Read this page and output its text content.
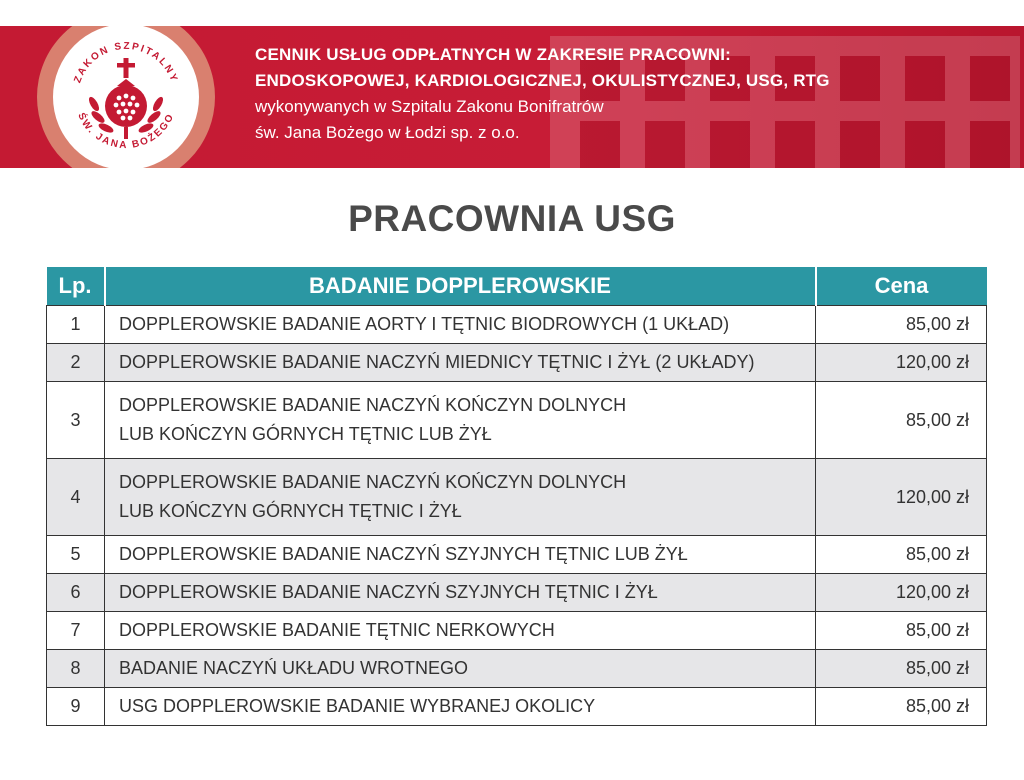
ZAKON SZPITALNY
ŚW. JANA BOŻEGO
CENNIK USŁUG ODPŁATNYCH W ZAKRESIE PRACOWNI:
ENDOSKOPOWEJ, KARDIOLOGICZNEJ, OKULISTYCZNEJ, USG, RTG
wykonywanych w Szpitalu Zakonu Bonifratrów
św. Jana Bożego w Łodzi sp. z o.o.
PRACOWNIA USG
Lp.	BADANIE DOPPLEROWSKIE	Cena
1	DOPPLEROWSKIE BADANIE AORTY I TĘTNIC BIODROWYCH (1 UKŁAD)	85,00 zł
2	DOPPLEROWSKIE BADANIE NACZYŃ MIEDNICY TĘTNIC I ŻYŁ (2 UKŁADY)	120,00 zł
3	DOPPLEROWSKIE BADANIE NACZYŃ KOŃCZYN DOLNYCH
LUB KOŃCZYN GÓRNYCH TĘTNIC LUB ŻYŁ	85,00 zł
4	DOPPLEROWSKIE BADANIE NACZYŃ KOŃCZYN DOLNYCH
LUB KOŃCZYN GÓRNYCH TĘTNIC I ŻYŁ	120,00 zł
5	DOPPLEROWSKIE BADANIE NACZYŃ SZYJNYCH TĘTNIC LUB ŻYŁ	85,00 zł
6	DOPPLEROWSKIE BADANIE NACZYŃ SZYJNYCH TĘTNIC I ŻYŁ	120,00 zł
7	DOPPLEROWSKIE BADANIE TĘTNIC NERKOWYCH	85,00 zł
8	BADANIE NACZYŃ UKŁADU WROTNEGO	85,00 zł
9	USG DOPPLEROWSKIE BADANIE WYBRANEJ OKOLICY	85,00 zł
